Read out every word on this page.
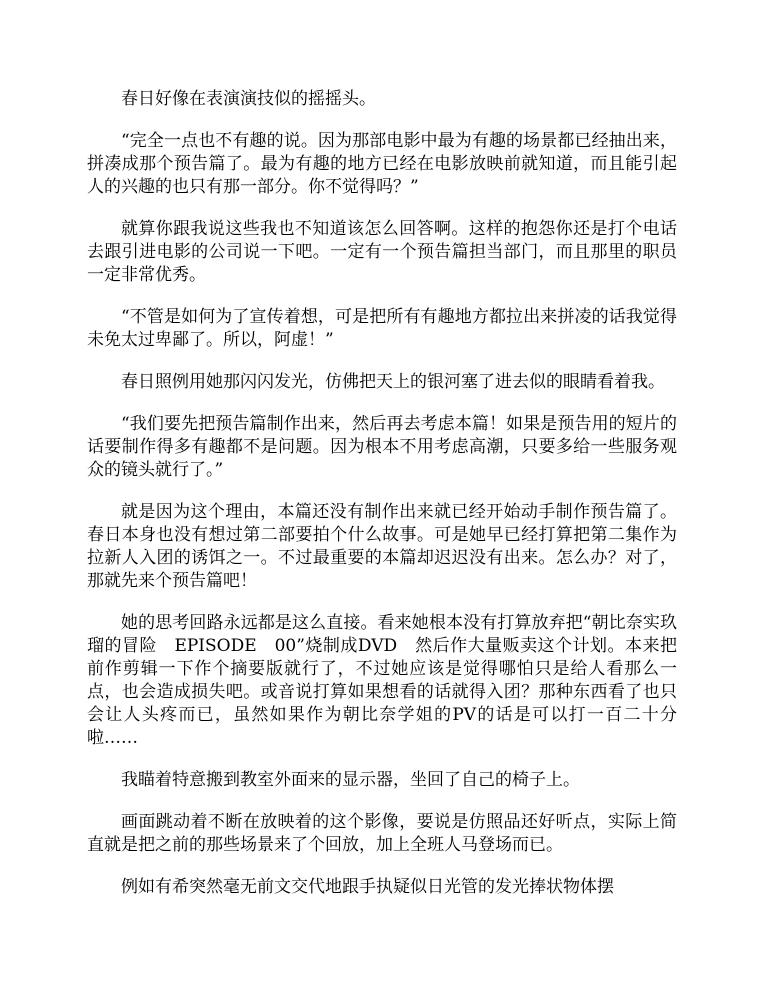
春日好像在表演演技似的摇摇头。

“完全一点也不有趣的说。因为那部电影中最为有趣的场景都已经抽出来，拼凑成那个预告篇了。最为有趣的地方已经在电影放映前就知道，而且能引起人的兴趣的也只有那一部分。你不觉得吗？”

就算你跟我说这些我也不知道该怎么回答啊。这样的抱怨你还是打个电话去跟引进电影的公司说一下吧。一定有一个预告篇担当部门，而且那里的职员一定非常优秀。

“不管是如何为了宣传着想，可是把所有有趣地方都拉出来拼凌的话我觉得未免太过卑鄙了。所以，阿虚！”

春日照例用她那闪闪发光，仿佛把天上的银河塞了进去似的眼睛看着我。

“我们要先把预告篇制作出来，然后再去考虑本篇！如果是预告用的短片的话要制作得多有趣都不是问题。因为根本不用考虑高潮，只要多给一些服务观众的镜头就行了。”

就是因为这个理由，本篇还没有制作出来就已经开始动手制作预告篇了。春日本身也没有想过第二部要拍个什么故事。可是她早已经打算把第二集作为拉新人入团的诱饵之一。不过最重要的本篇却迟迟没有出来。怎么办？对了，那就先来个预告篇吧！

她的思考回路永远都是这么直接。看来她根本没有打算放弃把“朝比奈实玖瑠的冒险　EPISODE　00”烧制成DVD　然后作大量贩卖这个计划。本来把前作剪辑一下作个摘要版就行了，不过她应该是觉得哪怕只是给人看那么一点，也会造成损失吧。或音说打算如果想看的话就得入团？那种东西看了也只会让人头疼而已，虽然如果作为朝比奈学姐的PV的话是可以打一百二十分啦……

我瞄着特意搬到教室外面来的显示器，坐回了自己的椅子上。

画面跳动着不断在放映着的这个影像，要说是仿照品还好听点，实际上简直就是把之前的那些场景来了个回放，加上全班人马登场而已。

例如有希突然毫无前文交代地跟手执疑似日光管的发光捧状物体摆
